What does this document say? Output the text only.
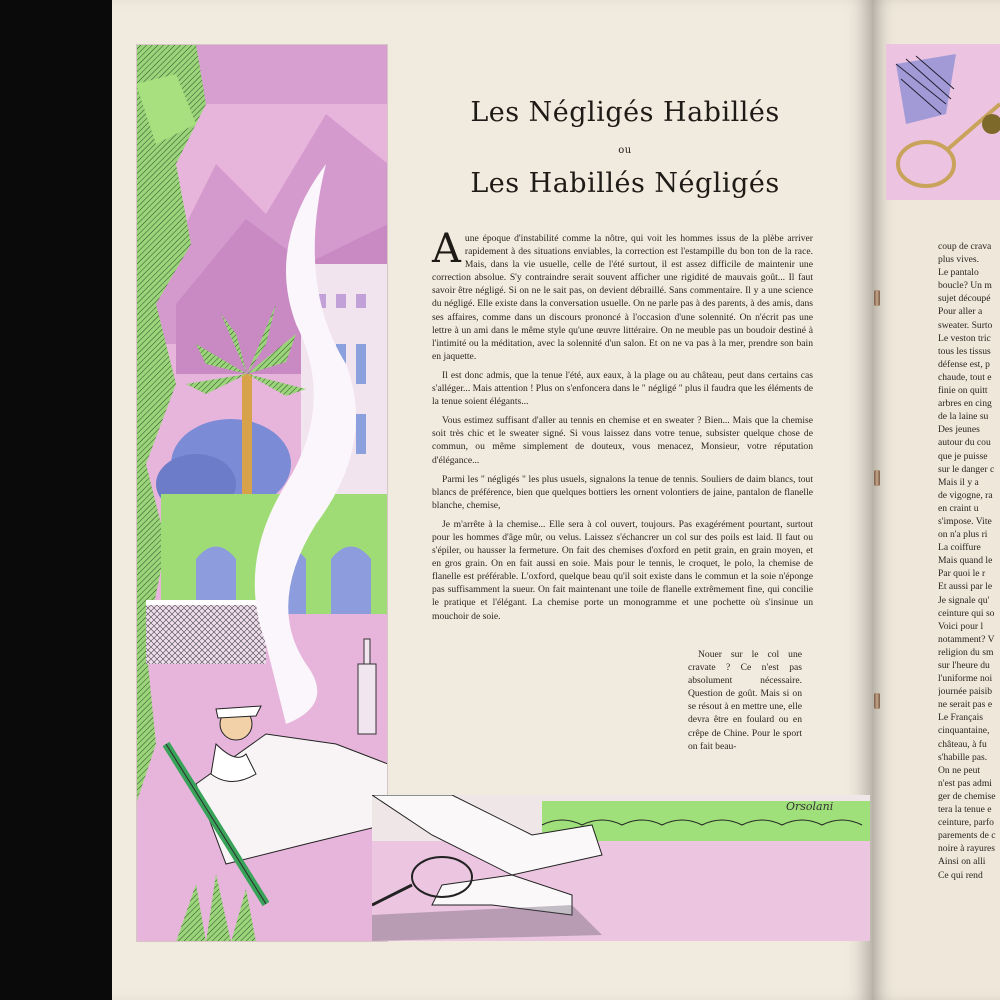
Orsolani
Les Négligés Habillés
ou
Les Habillés Négligés

Aune époque d'instabilité comme la nôtre, qui voit les hommes issus de la plèbe arriver rapidement à des situations enviables, la correction est l'estampille du bon ton de la race. Mais, dans la vie usuelle, celle de l'été surtout, il est assez difficile de maintenir une correction absolue. S'y contraindre serait souvent afficher une rigidité de mauvais goût... Il faut savoir être négligé. Si on ne le sait pas, on devient débraillé. Sans commentaire. Il y a une science du négligé. Elle existe dans la conversation usuelle. On ne parle pas à des parents, à des amis, dans ses affaires, comme dans un discours prononcé à l'occasion d'une solennité. On n'écrit pas une lettre à un ami dans le même style qu'une œuvre littéraire. On ne meuble pas un boudoir destiné à l'intimité ou la méditation, avec la solennité d'un salon. Et on ne va pas à la mer, prendre son bain en jaquette.

Il est donc admis, que la tenue l'été, aux eaux, à la plage ou au château, peut dans certains cas s'alléger... Mais attention ! Plus on s'enfoncera dans le " négligé " plus il faudra que les éléments de la tenue soient élégants...

Vous estimez suffisant d'aller au tennis en chemise et en sweater ? Bien... Mais que la chemise soit très chic et le sweater signé. Si vous laissez dans votre tenue, subsister quelque chose de commun, ou même simplement de douteux, vous menacez, Monsieur, votre réputation d'élégance...

Parmi les " négligés " les plus usuels, signalons la tenue de tennis. Souliers de daim blancs, tout blancs de préférence, bien que quelques bottiers les ornent volontiers de jaine, pantalon de flanelle blanche, chemise,

Je m'arrête à la chemise... Elle sera à col ouvert, toujours. Pas exagérément pourtant, surtout pour les hommes d'âge mûr, ou velus. Laissez s'échancrer un col sur des poils est laid. Il faut ou s'épiler, ou hausser la fermeture. On fait des chemises d'oxford en petit grain, en grain moyen, et en gros grain. On en fait aussi en soie. Mais pour le tennis, le croquet, le polo, la chemise de flanelle est préférable. L'oxford, quelque beau qu'il soit existe dans le commun et la soie n'éponge pas suffisamment la sueur. On fait maintenant une toile de flanelle extrêmement fine, qui concilie le pratique et l'élégant. La chemise porte un monogramme et une pochette où s'insinue un mouchoir de soie.

Nouer sur le col une cravate ? Ce n'est pas absolument nécessaire. Question de goût. Mais si on se résout à en mettre une, elle devra être en foulard ou en crêpe de Chine. Pour le sport on fait beau-

coup de crava
plus vives.
Le pantalo
boucle? Un m
sujet découpé
Pour aller a
sweater. Surto
Le veston tric
tous les tissus
défense est, p
chaude, tout e
finie on quitt
arbres en cing
de la laine su
Des jeunes
autour du cou
que je puisse
sur le danger c
Mais il y a
de vigogne, ra
en craint u
s'impose. Vite
on n'a plus ri
La coiffure
Mais quand le
Par quoi le r
Et aussi par le
Je signale qu'
ceinture qui so
Voici pour l
notamment? V
religion du sm
sur l'heure du
l'uniforme noi
journée paisib
ne serait pas e
Le Français
cinquantaine,
château, à fu
s'habille pas.
On ne peut
n'est pas admi
ger de chemise
tera la tenue e
ceinture, parfo
parements de c
noire à rayures
Ainsi on alli
Ce qui rend
